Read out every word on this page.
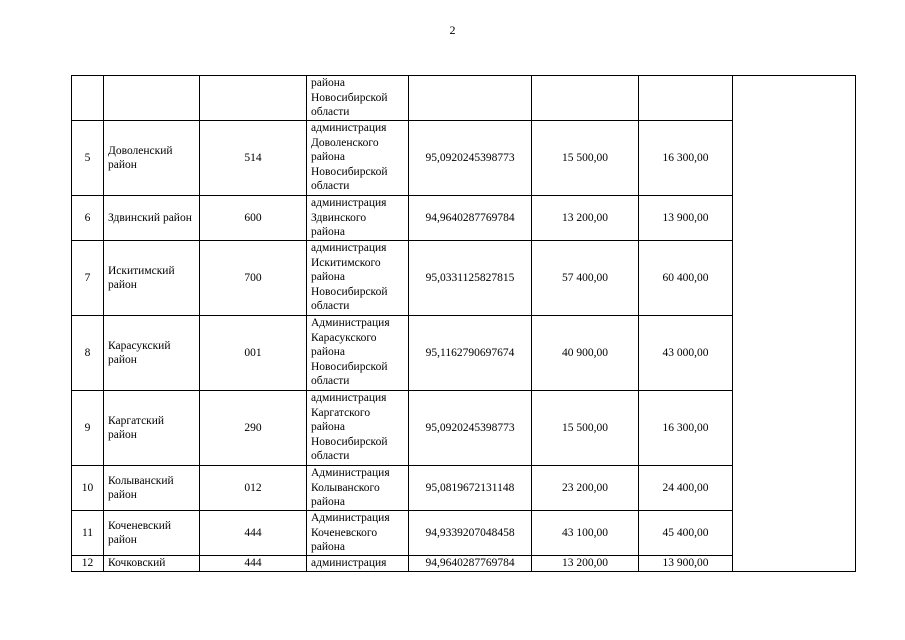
2

			района
Новосибирской
области				

5	Доволенский район	514	администрация
Доволенского
района
Новосибирской
области	95,0920245398773	15 500,00	16 300,00	
6	Здвинский район	600	администрация
Здвинского
района	94,9640287769784	13 200,00	13 900,00	
7	Искитимский район	700	администрация
Искитимского
района
Новосибирской
области	95,0331125827815	57 400,00	60 400,00	
8	Карасукский район	001	Администрация
Карасукского
района
Новосибирской
области	95,1162790697674	40 900,00	43 000,00	
9	Каргатский район	290	администрация
Каргатского
района
Новосибирской
области	95,0920245398773	15 500,00	16 300,00	
10	Колыванский район	012	Администрация
Колыванского
района	95,0819672131148	23 200,00	24 400,00	
11	Коченевский район	444	Администрация
Коченевского
района	94,9339207048458	43 100,00	45 400,00	
12	Кочковский	444	администрация	94,9640287769784	13 200,00	13 900,00	
